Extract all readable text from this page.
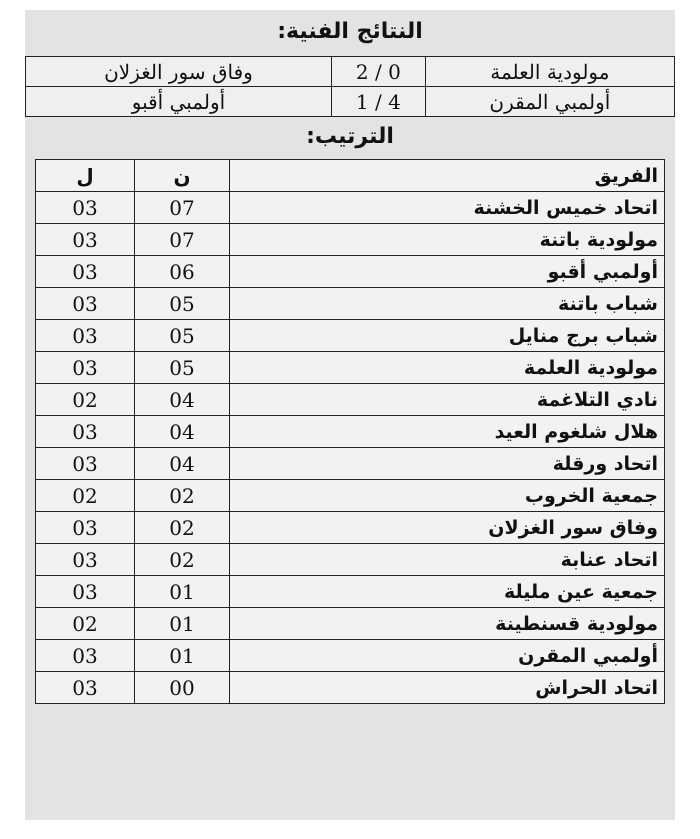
النتائج الفنية:
مولودية العلمة	0 / 2	وفاق سور الغزلان
أولمبي المقرن	4 / 1	أولمبي أقبو
الترتيب:
الفريق	ن	ل
اتحاد خميس الخشنة	07	03
مولودية باتنة	07	03
أولمبي أقبو	06	03
شباب باتنة	05	03
شباب برج منايل	05	03
مولودية العلمة	05	03
نادي التلاغمة	04	02
هلال شلغوم العيد	04	03
اتحاد ورقلة	04	03
جمعية الخروب	02	02
وفاق سور الغزلان	02	03
اتحاد عنابة	02	03
جمعية عين مليلة	01	03
مولودية قسنطينة	01	02
أولمبي المقرن	01	03
اتحاد الحراش	00	03
